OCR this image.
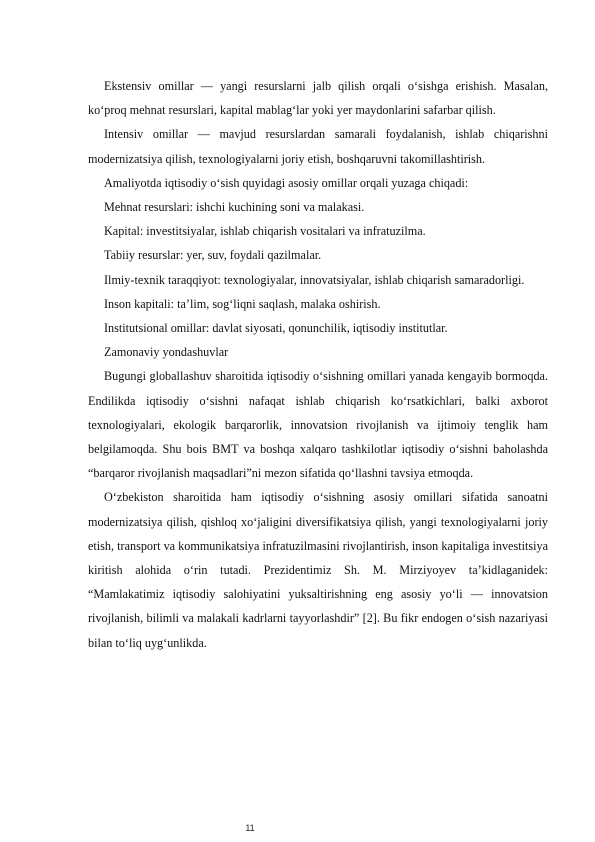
Ekstensiv omillar — yangi resurslarni jalb qilish orqali o‘sishga erishish. Masalan, ko‘proq mehnat resurslari, kapital mablag‘lar yoki yer maydonlarini safarbar qilish.

Intensiv omillar — mavjud resurslardan samarali foydalanish, ishlab chiqarishni modernizatsiya qilish, texnologiyalarni joriy etish, boshqaruvni takomillashtirish.

Amaliyotda iqtisodiy o‘sish quyidagi asosiy omillar orqali yuzaga chiqadi:

Mehnat resurslari: ishchi kuchining soni va malakasi.

Kapital: investitsiyalar, ishlab chiqarish vositalari va infratuzilma.

Tabiiy resurslar: yer, suv, foydali qazilmalar.

Ilmiy-texnik taraqqiyot: texnologiyalar, innovatsiyalar, ishlab chiqarish samaradorligi.

Inson kapitali: ta’lim, sog‘liqni saqlash, malaka oshirish.

Institutsional omillar: davlat siyosati, qonunchilik, iqtisodiy institutlar.

Zamonaviy yondashuvlar

Bugungi globallashuv sharoitida iqtisodiy o‘sishning omillari yanada kengayib bormoqda. Endilikda iqtisodiy o‘sishni nafaqat ishlab chiqarish ko‘rsatkichlari, balki axborot texnologiyalari, ekologik barqarorlik, innovatsion rivojlanish va ijtimoiy tenglik ham belgilamoqda. Shu bois BMT va boshqa xalqaro tashkilotlar iqtisodiy o‘sishni baholashda “barqaror rivojlanish maqsadlari”ni mezon sifatida qo‘llashni tavsiya etmoqda.

O‘zbekiston sharoitida ham iqtisodiy o‘sishning asosiy omillari sifatida sanoatni modernizatsiya qilish, qishloq xo‘jaligini diversifikatsiya qilish, yangi texnologiyalarni joriy etish, transport va kommunikatsiya infratuzilmasini rivojlantirish, inson kapitaliga investitsiya kiritish alohida o‘rin tutadi. Prezidentimiz Sh. M. Mirziyoyev ta’kidlaganidek: “Mamlakatimiz iqtisodiy salohiyatini yuksaltirishning eng asosiy yo‘li — innovatsion rivojlanish, bilimli va malakali kadrlarni tayyorlashdir” [2]. Bu fikr endogen o‘sish nazariyasi bilan to‘liq uyg‘unlikda.

11
